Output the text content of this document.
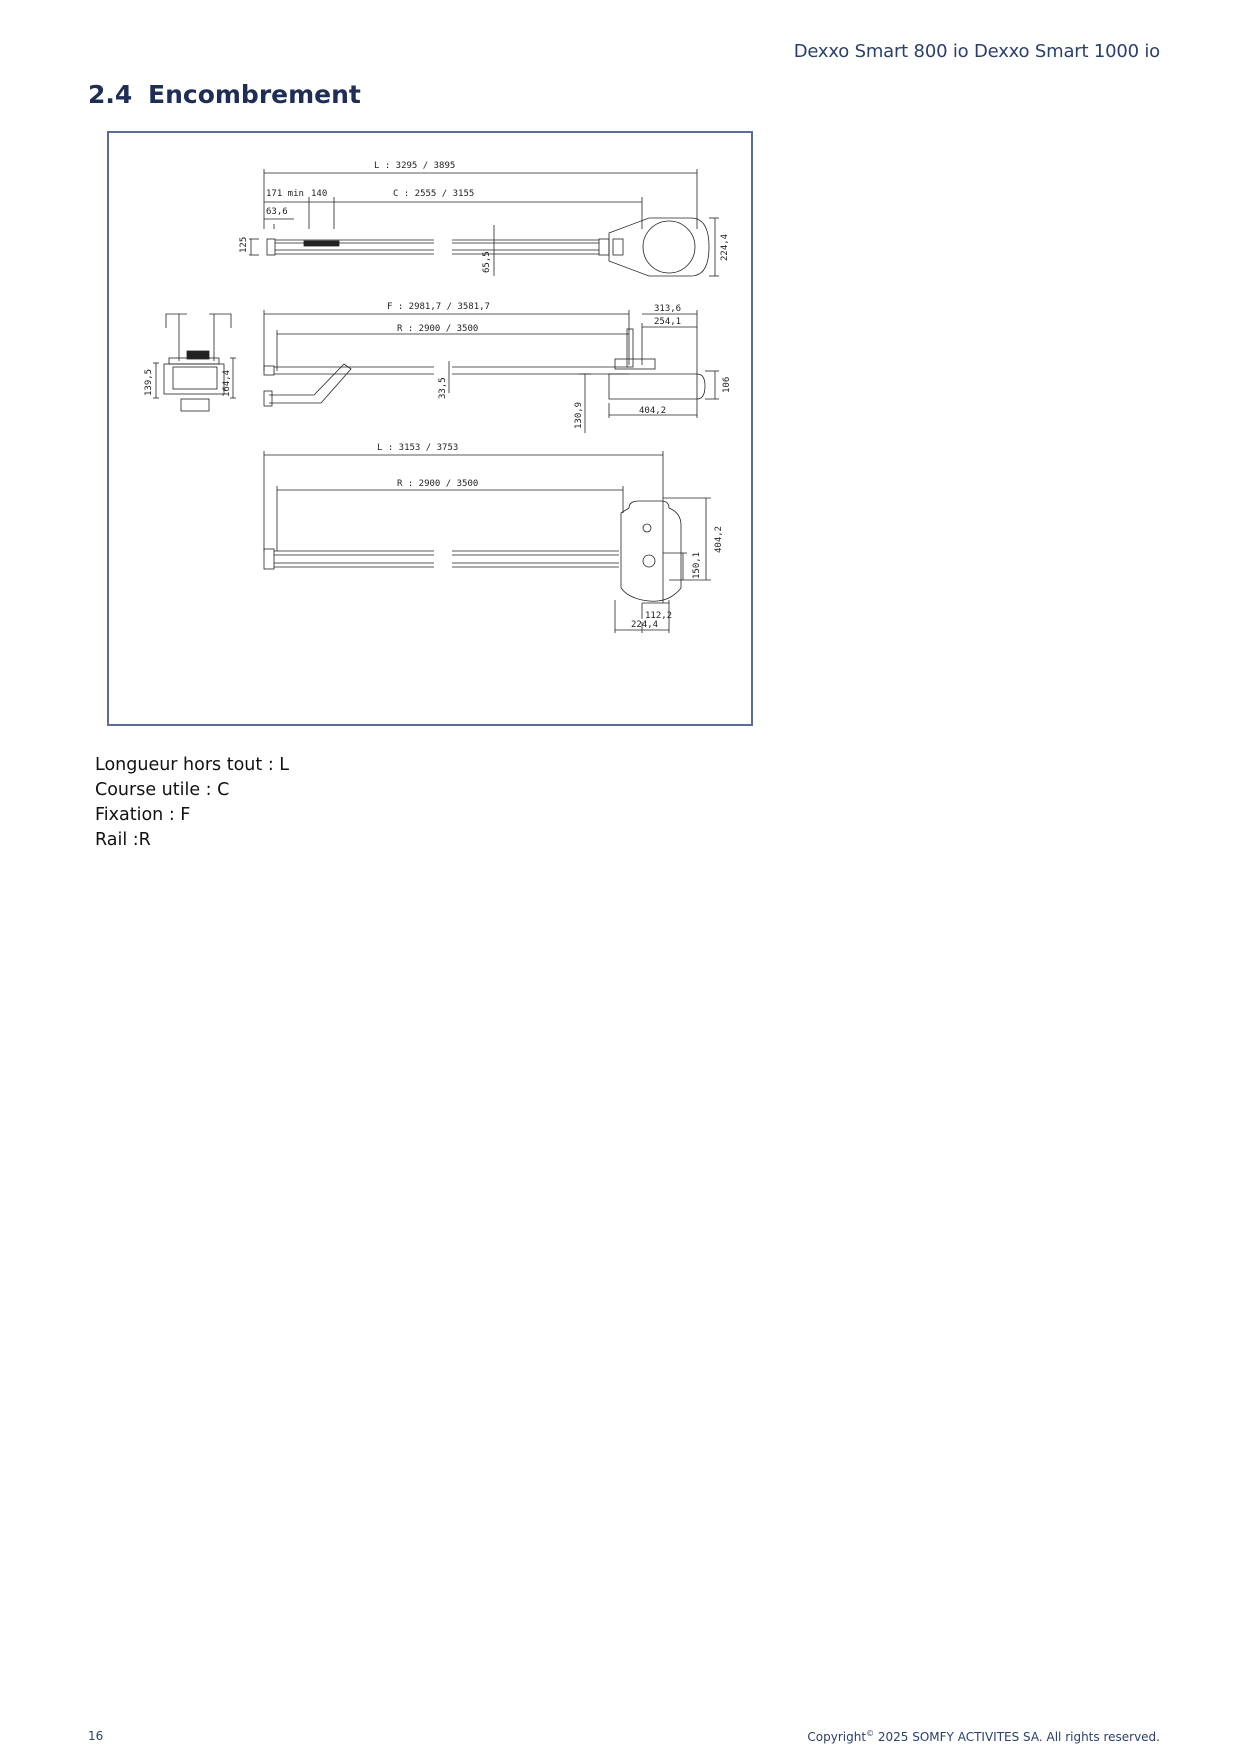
Dexxo Smart 800 io Dexxo Smart 1000 io
2.4 Encombrement
L : 3295 / 3895
171 min 140	C : 2555 / 3155
63,6
125
65,5
224,4
F : 2981,7 / 3581,7
R : 2900 / 3500
313,6
254,1
139,5	164,4	33,5
130,9	404,2
106
L : 3153 / 3753
R : 2900 / 3500
404,2
150,1
112,2
224,4
Longueur hors tout : L
Course utile : C
Fixation : F
Rail :R
16	Copyright© 2025 SOMFY ACTIVITES SA. All rights reserved.
